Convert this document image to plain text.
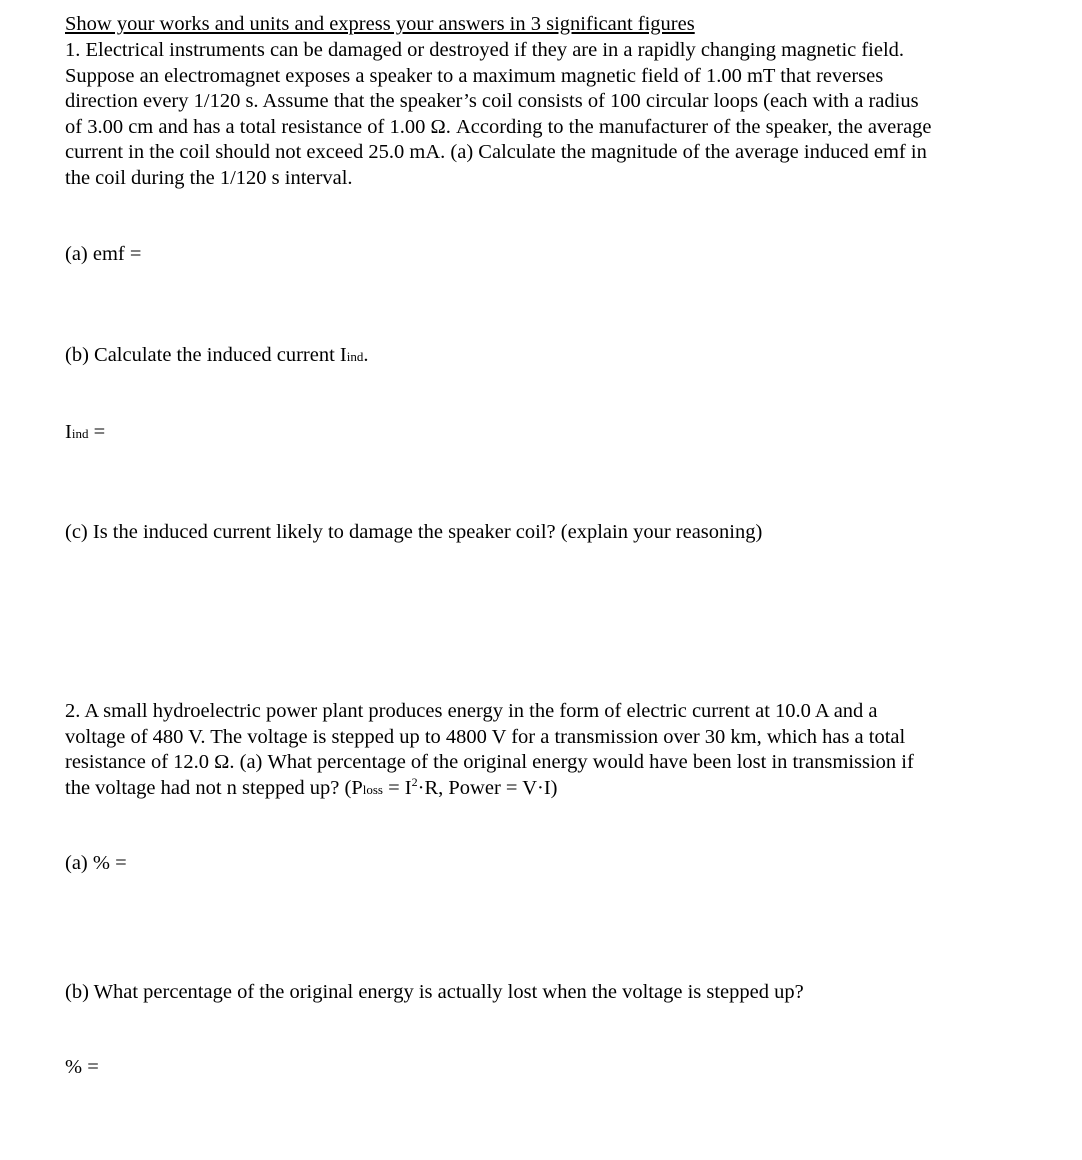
Show your works and units and express your answers in 3 significant figures
1. Electrical instruments can be damaged or destroyed if they are in a rapidly changing magnetic field.
Suppose an electromagnet exposes a speaker to a maximum magnetic field of 1.00 mT that reverses
direction every 1/120 s. Assume that the speaker’s coil consists of 100 circular loops (each with a radius
of 3.00 cm and has a total resistance of 1.00 Ω. According to the manufacturer of the speaker, the average
current in the coil should not exceed 25.0 mA. (a) Calculate the magnitude of the average induced emf in
the coil during the 1/120 s interval.
(a) emf =
(b) Calculate the induced current Iind.
Iind =
(c) Is the induced current likely to damage the speaker coil? (explain your reasoning)
2. A small hydroelectric power plant produces energy in the form of electric current at 10.0 A and a
voltage of 480 V. The voltage is stepped up to 4800 V for a transmission over 30 km, which has a total
resistance of 12.0 Ω. (a) What percentage of the original energy would have been lost in transmission if
the voltage had not n stepped up? (Ploss = $I^2\cdot R$, Power = V·I)
(a) % =
(b) What percentage of the original energy is actually lost when the voltage is stepped up?
% =
